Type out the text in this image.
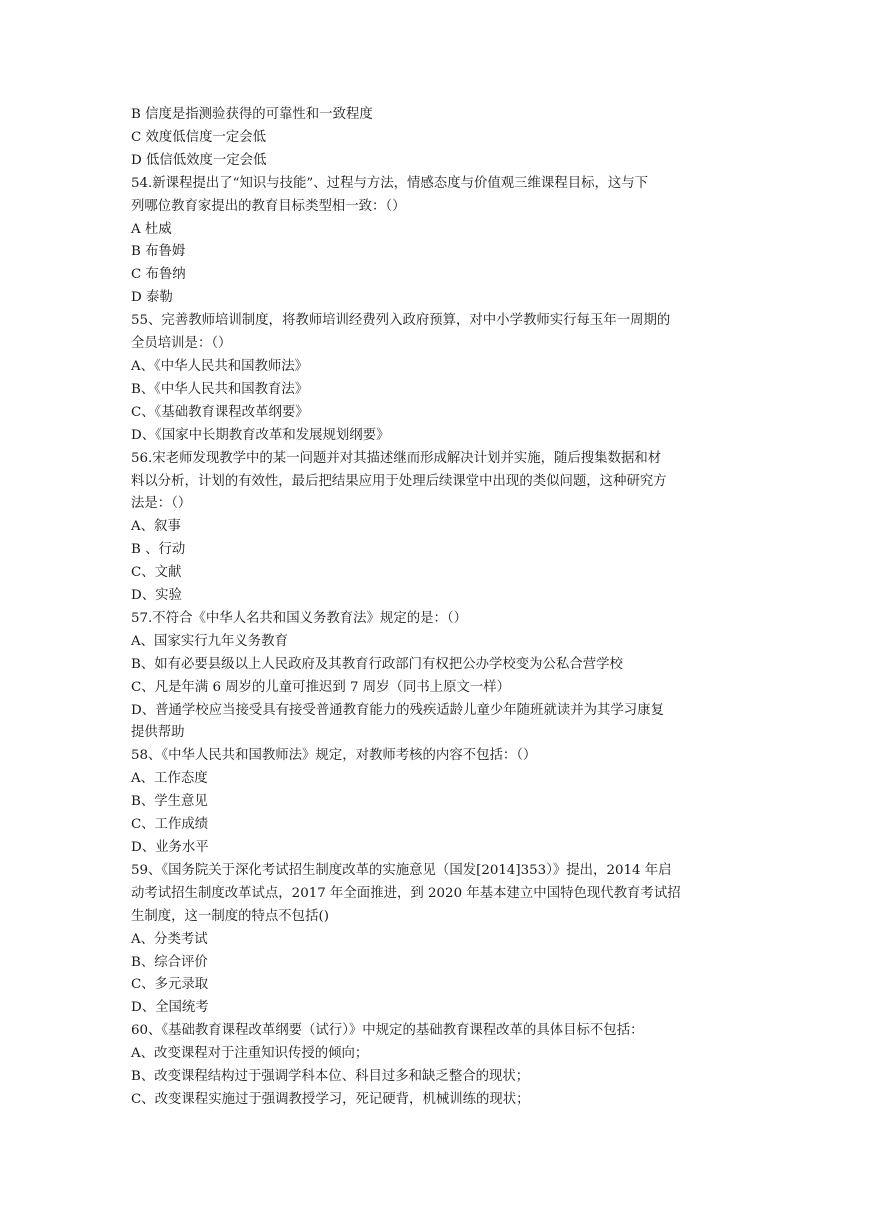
B 信度是指测验获得的可靠性和一致程度

C 效度低信度一定会低

D 低信低效度一定会低

54.新课程提出了“知识与技能”、过程与方法，情感态度与价值观三维课程目标，这与下

列哪位教育家提出的教育目标类型相一致：（）

A 杜威

B 布鲁姆

C 布鲁纳

D 泰勒

55、完善教师培训制度，将教师培训经费列入政府预算，对中小学教师实行每玉年一周期的

全员培训是：（）

A、《中华人民共和国教师法》

B、《中华人民共和国教育法》

C、《基础教育课程改革纲要》

D、《国家中长期教育改革和发展规划纲要》

56.宋老师发现教学中的某一问题并对其描述继而形成解决计划并实施，随后搜集数据和材

料以分析，计划的有效性，最后把结果应用于处理后续课堂中出现的类似问题，这种研究方

法是：（）

A、叙事

B 、行动

C、文献

D、实验

57.不符合《中华人名共和国义务教育法》规定的是：（）

A、国家实行九年义务教育

B、如有必要县级以上人民政府及其教育行政部门有权把公办学校变为公私合营学校

C、凡是年满 6 周岁的儿童可推迟到 7 周岁（同书上原文一样）

D、普通学校应当接受具有接受普通教育能力的残疾适龄儿童少年随班就读并为其学习康复

提供帮助

58、《中华人民共和国教师法》规定，对教师考核的内容不包括：（）

A、工作态度

B、学生意见

C、工作成绩

D、业务水平

59、《国务院关于深化考试招生制度改革的实施意见（国发[2014]353）》提出，2014 年启

动考试招生制度改革试点，2017 年全面推进，到 2020 年基本建立中国特色现代教育考试招

生制度，这一制度的特点不包括()

A、分类考试

B、综合评价

C、多元录取

D、全国统考

60、《基础教育课程改革纲要（试行）》中规定的基础教育课程改革的具体目标不包括：

A、改变课程对于注重知识传授的倾向；

B、改变课程结构过于强调学科本位、科目过多和缺乏整合的现状；

C、改变课程实施过于强调教授学习，死记硬背，机械训练的现状；
